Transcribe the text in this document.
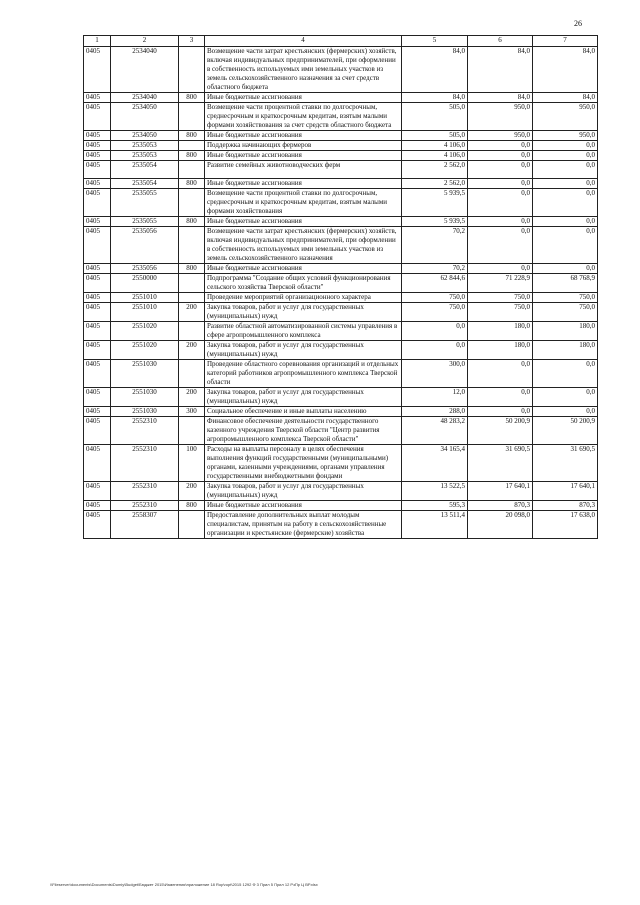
26
1	2	3	4	5	6	7
0405	2534040		Возмещение части затрат крестьянских (фермерских) хозяйств, включая индивидуальных предпринимателей, при оформлении в собственность используемых ими земельных участков из земель сельскохозяйственного назначения за счет средств областного бюджета	84,0	84,0	84,0
0405	2534040	800	Иные бюджетные ассигнования	84,0	84,0	84,0
0405	2534050		Возмещение части процентной ставки по долгосрочным, среднесрочным и краткосрочным кредитам, взятым малыми формами хозяйствования за счет средств областного бюджета	505,0	950,0	950,0
0405	2534050	800	Иные бюджетные ассигнования	505,0	950,0	950,0
0405	2535053		Поддержка начинающих фермеров	4 106,0	0,0	0,0
0405	2535053	800	Иные бюджетные ассигнования	4 106,0	0,0	0,0
0405	2535054		Развитие семейных животноводческих ферм	2 562,0	0,0	0,0
0405	2535054	800	Иные бюджетные ассигнования	2 562,0	0,0	0,0
0405	2535055		Возмещение части процентной ставки по долгосрочным, среднесрочным и краткосрочным кредитам, взятым малыми формами хозяйствования	5 939,5	0,0	0,0
0405	2535055	800	Иные бюджетные ассигнования	5 939,5	0,0	0,0
0405	2535056		Возмещение части затрат крестьянских (фермерских) хозяйств, включая индивидуальных предпринимателей, при оформлении в собственность используемых ими земельных участков из земель сельскохозяйственного назначения	70,2	0,0	0,0
0405	2535056	800	Иные бюджетные ассигнования	70,2	0,0	0,0
0405	2550000		Подпрограмма "Создание общих условий функционирования сельского хозяйства Тверской области"	62 844,6	71 228,9	68 768,9
0405	2551010		Проведение мероприятий организационного характера	750,0	750,0	750,0
0405	2551010	200	Закупка товаров, работ и услуг для государственных (муниципальных) нужд	750,0	750,0	750,0
0405	2551020		Развитие областной автоматизированной системы управления в сфере агропромышленного комплекса	0,0	180,0	180,0
0405	2551020	200	Закупка товаров, работ и услуг для государственных (муниципальных) нужд	0,0	180,0	180,0
0405	2551030		Проведение областного соревнования организаций и отдельных категорий работников агропромышленного комплекса Тверской области	300,0	0,0	0,0
0405	2551030	200	Закупка товаров, работ и услуг для государственных (муниципальных) нужд	12,0	0,0	0,0
0405	2551030	300	Социальное обеспечение и иные выплаты населению	288,0	0,0	0,0
0405	2552310		Финансовое обеспечение деятельности государственного казенного учреждения Тверской области "Центр развития агропромышленного комплекса Тверской области"	48 283,2	50 200,9	50 200,9
0405	2552310	100	Расходы на выплаты персоналу в целях обеспечения выполнения функций государственными (муниципальными) органами, казенными учреждениями, органами управления государственными внебюджетными фондами	34 165,4	31 690,5	31 690,5
0405	2552310	200	Закупка товаров, работ и услуг для государственных (муниципальных) нужд	13 522,5	17 640,1	17 640,1
0405	2552310	800	Иные бюджетные ассигнования	595,3	870,3	870,3
0405	2558307		Предоставление дополнительных выплат молодым специалистам, принятым на работу в сельскохозяйственные организации и крестьянские (фермерские) хозяйства	13 511,4	20 098,0	17 638,0
\\Fileserver\documents\Documents\Dumiy\Budget\Бюджет 2015\Изменения\приложение 18 Rop\ropt\2015 1292 Ф 3 Прил 5 Прил 12 РзПр Ц ВР.xlsx
